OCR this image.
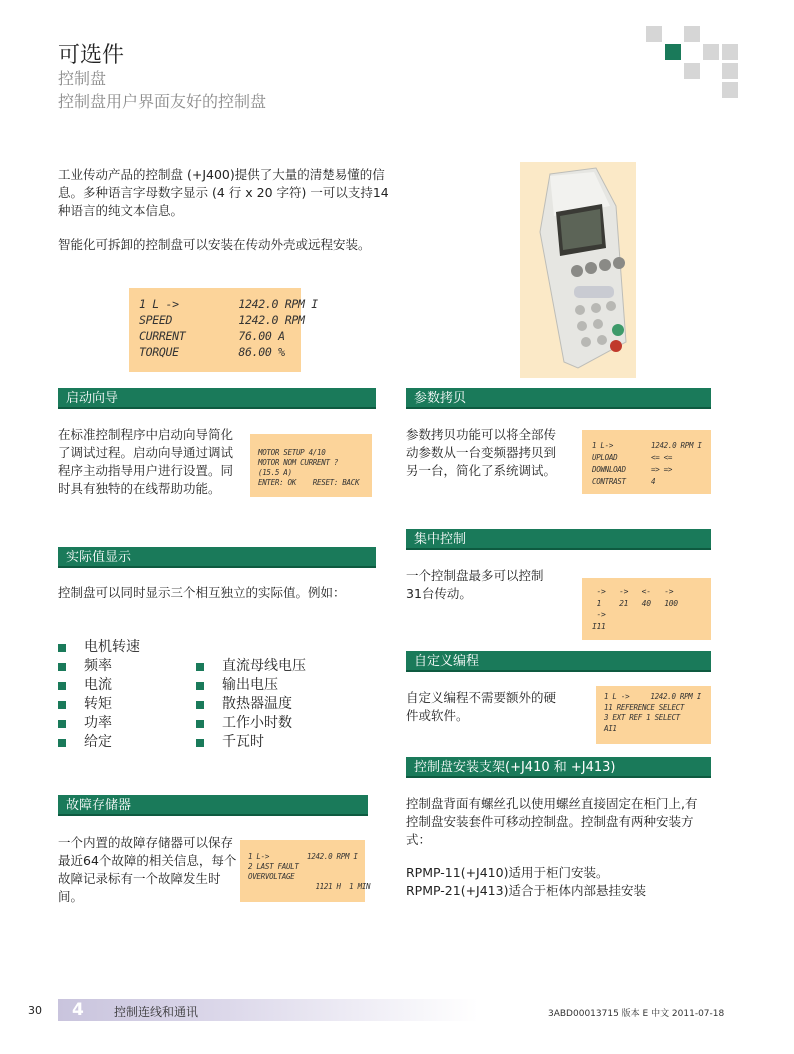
可选件
控制盘
控制盘用户界面友好的控制盘
工业传动产品的控制盘 (+J400)提供了大量的清楚易懂的信息。多种语言字母数字显示 (4 行 x 20 字符) 一可以支持14种语言的纯文本信息。
智能化可拆卸的控制盘可以安装在传动外壳或远程安装。
1 L ->         1242.0 RPM I
SPEED          1242.0 RPM
CURRENT        76.00 A
TORQUE         86.00 %
启动向导
在标准控制程序中启动向导简化了调试过程。启动向导通过调试程序主动指导用户进行设置。同时具有独特的在线帮助功能。
MOTOR SETUP 4/10
MOTOR NOM CURRENT ?
(15.5 A)
ENTER: OK    RESET: BACK
实际值显示
控制盘可以同时显示三个相互独立的实际值。例如：
电机转速
频率
电流
转矩
功率
给定
直流母线电压
输出电压
散热器温度
工作小时数
千瓦时
故障存储器
一个内置的故障存储器可以保存最近64个故障的相关信息，每个故障记录标有一个故障发生时间。
1 L->         1242.0 RPM I
2 LAST FAULT
OVERVOLTAGE
1121 H  1 MIN
参数拷贝
参数拷贝功能可以将全部传动参数从一台变频器拷贝到另一台，简化了系统调试。
1 L->         1242.0 RPM I
UPLOAD        <= <=
DOWNLOAD      => =>
CONTRAST      4
集中控制
一个控制盘最多可以控制31台传动。	->   ->   <-   ->
1    21   40   100
->
I11
自定义编程
自定义编程不需要额外的硬件或软件。
1 L ->     1242.0 RPM I
11 REFERENCE SELECT
3 EXT REF 1 SELECT
AI1
控制盘安装支架(+J410 和 +J413)
控制盘背面有螺丝孔以使用螺丝直接固定在柜门上,有控制盘安装套件可移动控制盘。控制盘有两种安装方式：
RPMP-11(+J410)适用于柜门安装。
RPMP-21(+J413)适合于柜体内部悬挂安装
30 4	控制连线和通讯	3ABD00013715 版本 E 中文 2011-07-18
